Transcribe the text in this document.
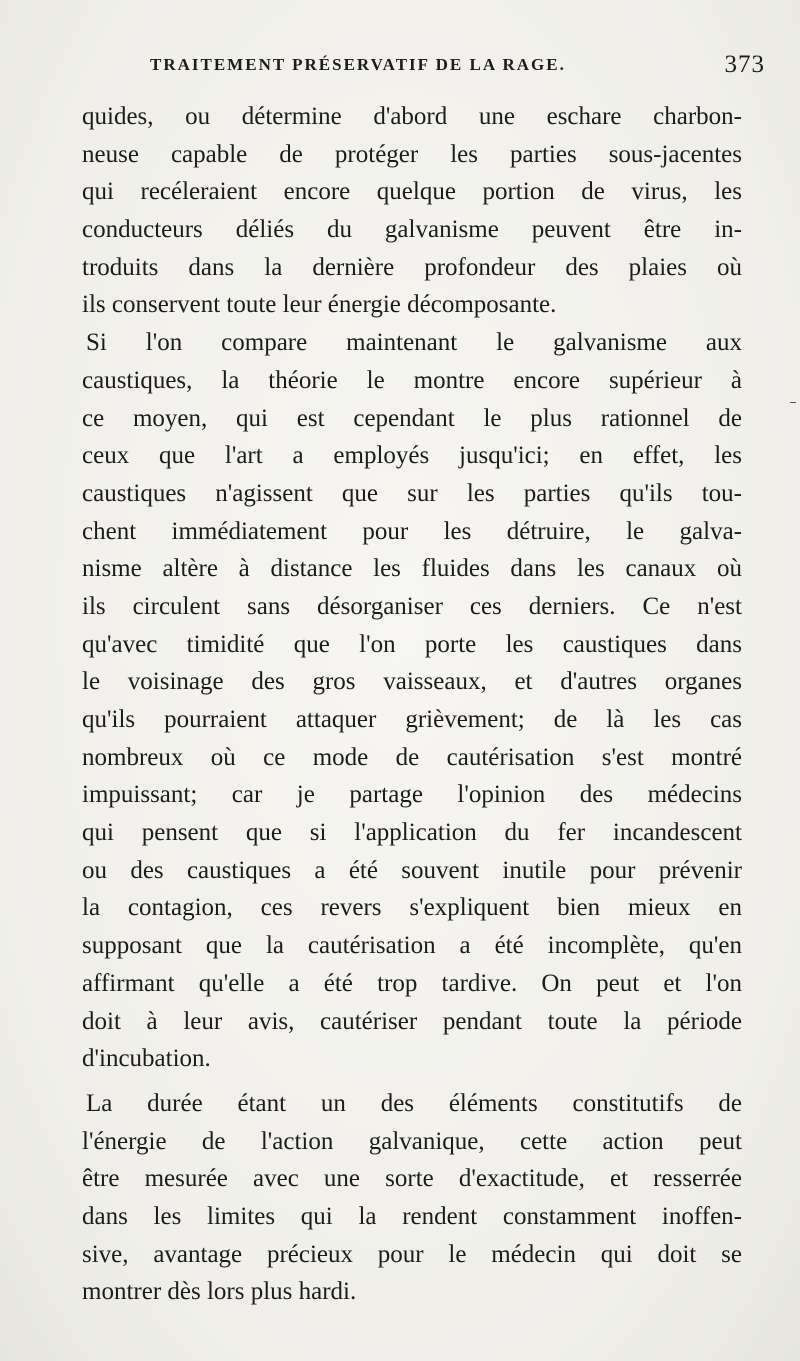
TRAITEMENT PRÉSERVATIF DE LA RAGE.	373
quides, ou détermine d'abord une eschare charbon-
neuse capable de protéger les parties sous-jacentes
qui recéleraient encore quelque portion de virus, les
conducteurs déliés du galvanisme peuvent être in-
troduits dans la dernière profondeur des plaies où
ils conservent toute leur énergie décomposante.
Si l'on compare maintenant le galvanisme aux
caustiques, la théorie le montre encore supérieur à
ce moyen, qui est cependant le plus rationnel de
ceux que l'art a employés jusqu'ici; en effet, les
caustiques n'agissent que sur les parties qu'ils tou-
chent immédiatement pour les détruire, le galva-
nisme altère à distance les fluides dans les canaux où
ils circulent sans désorganiser ces derniers. Ce n'est
qu'avec timidité que l'on porte les caustiques dans
le voisinage des gros vaisseaux, et d'autres organes
qu'ils pourraient attaquer grièvement; de là les cas
nombreux où ce mode de cautérisation s'est montré
impuissant; car je partage l'opinion des médecins
qui pensent que si l'application du fer incandescent
ou des caustiques a été souvent inutile pour prévenir
la contagion, ces revers s'expliquent bien mieux en
supposant que la cautérisation a été incomplète, qu'en
affirmant qu'elle a été trop tardive. On peut et l'on
doit à leur avis, cautériser pendant toute la période
d'incubation.
La durée étant un des éléments constitutifs de
l'énergie de l'action galvanique, cette action peut
être mesurée avec une sorte d'exactitude, et resserrée
dans les limites qui la rendent constamment inoffen-
sive, avantage précieux pour le médecin qui doit se
montrer dès lors plus hardi.
